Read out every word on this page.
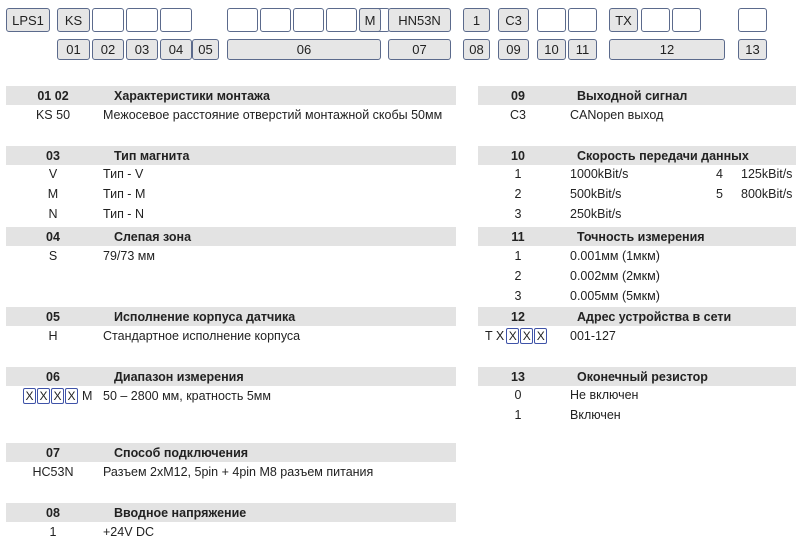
LPS1	KS	M	HN53N	1	C3	TX
01	02	03	04	05	06	07	08	09	10	11	12	13
01 02	Характеристики монтажа
KS 50	Межосевое расстояние отверстий монтажной скобы 50мм
03	Тип магнита
V	Тип - V
M	Тип - M
N	Тип - N
04	Слепая зона
S	79/73 мм
05	Исполнение корпуса датчика
H	Стандартное исполнение корпуса
06	Диапазон измерения
X X X X M 50 – 2800 мм, кратность 5мм
07	Способ подключения
HC53N	Разъем 2xM12, 5pin + 4pin M8 разъем питания
08	Вводное напряжение
1	+24V DC
09	Выходной сигнал
C3	CANopen выход
10	Скорость передачи данных
1	1000kBit/s	4 125kBit/s
2	500kBit/s	5 800kBit/s
3	250kBit/s
11	Точность измерения
1	0.001мм (1мкм)
2	0.002мм (2мкм)
3	0.005мм (5мкм)
12	Адрес устройства в сети
T X X X X 001-127
13	Оконечный резистор
0	Не включен
1	Включен
